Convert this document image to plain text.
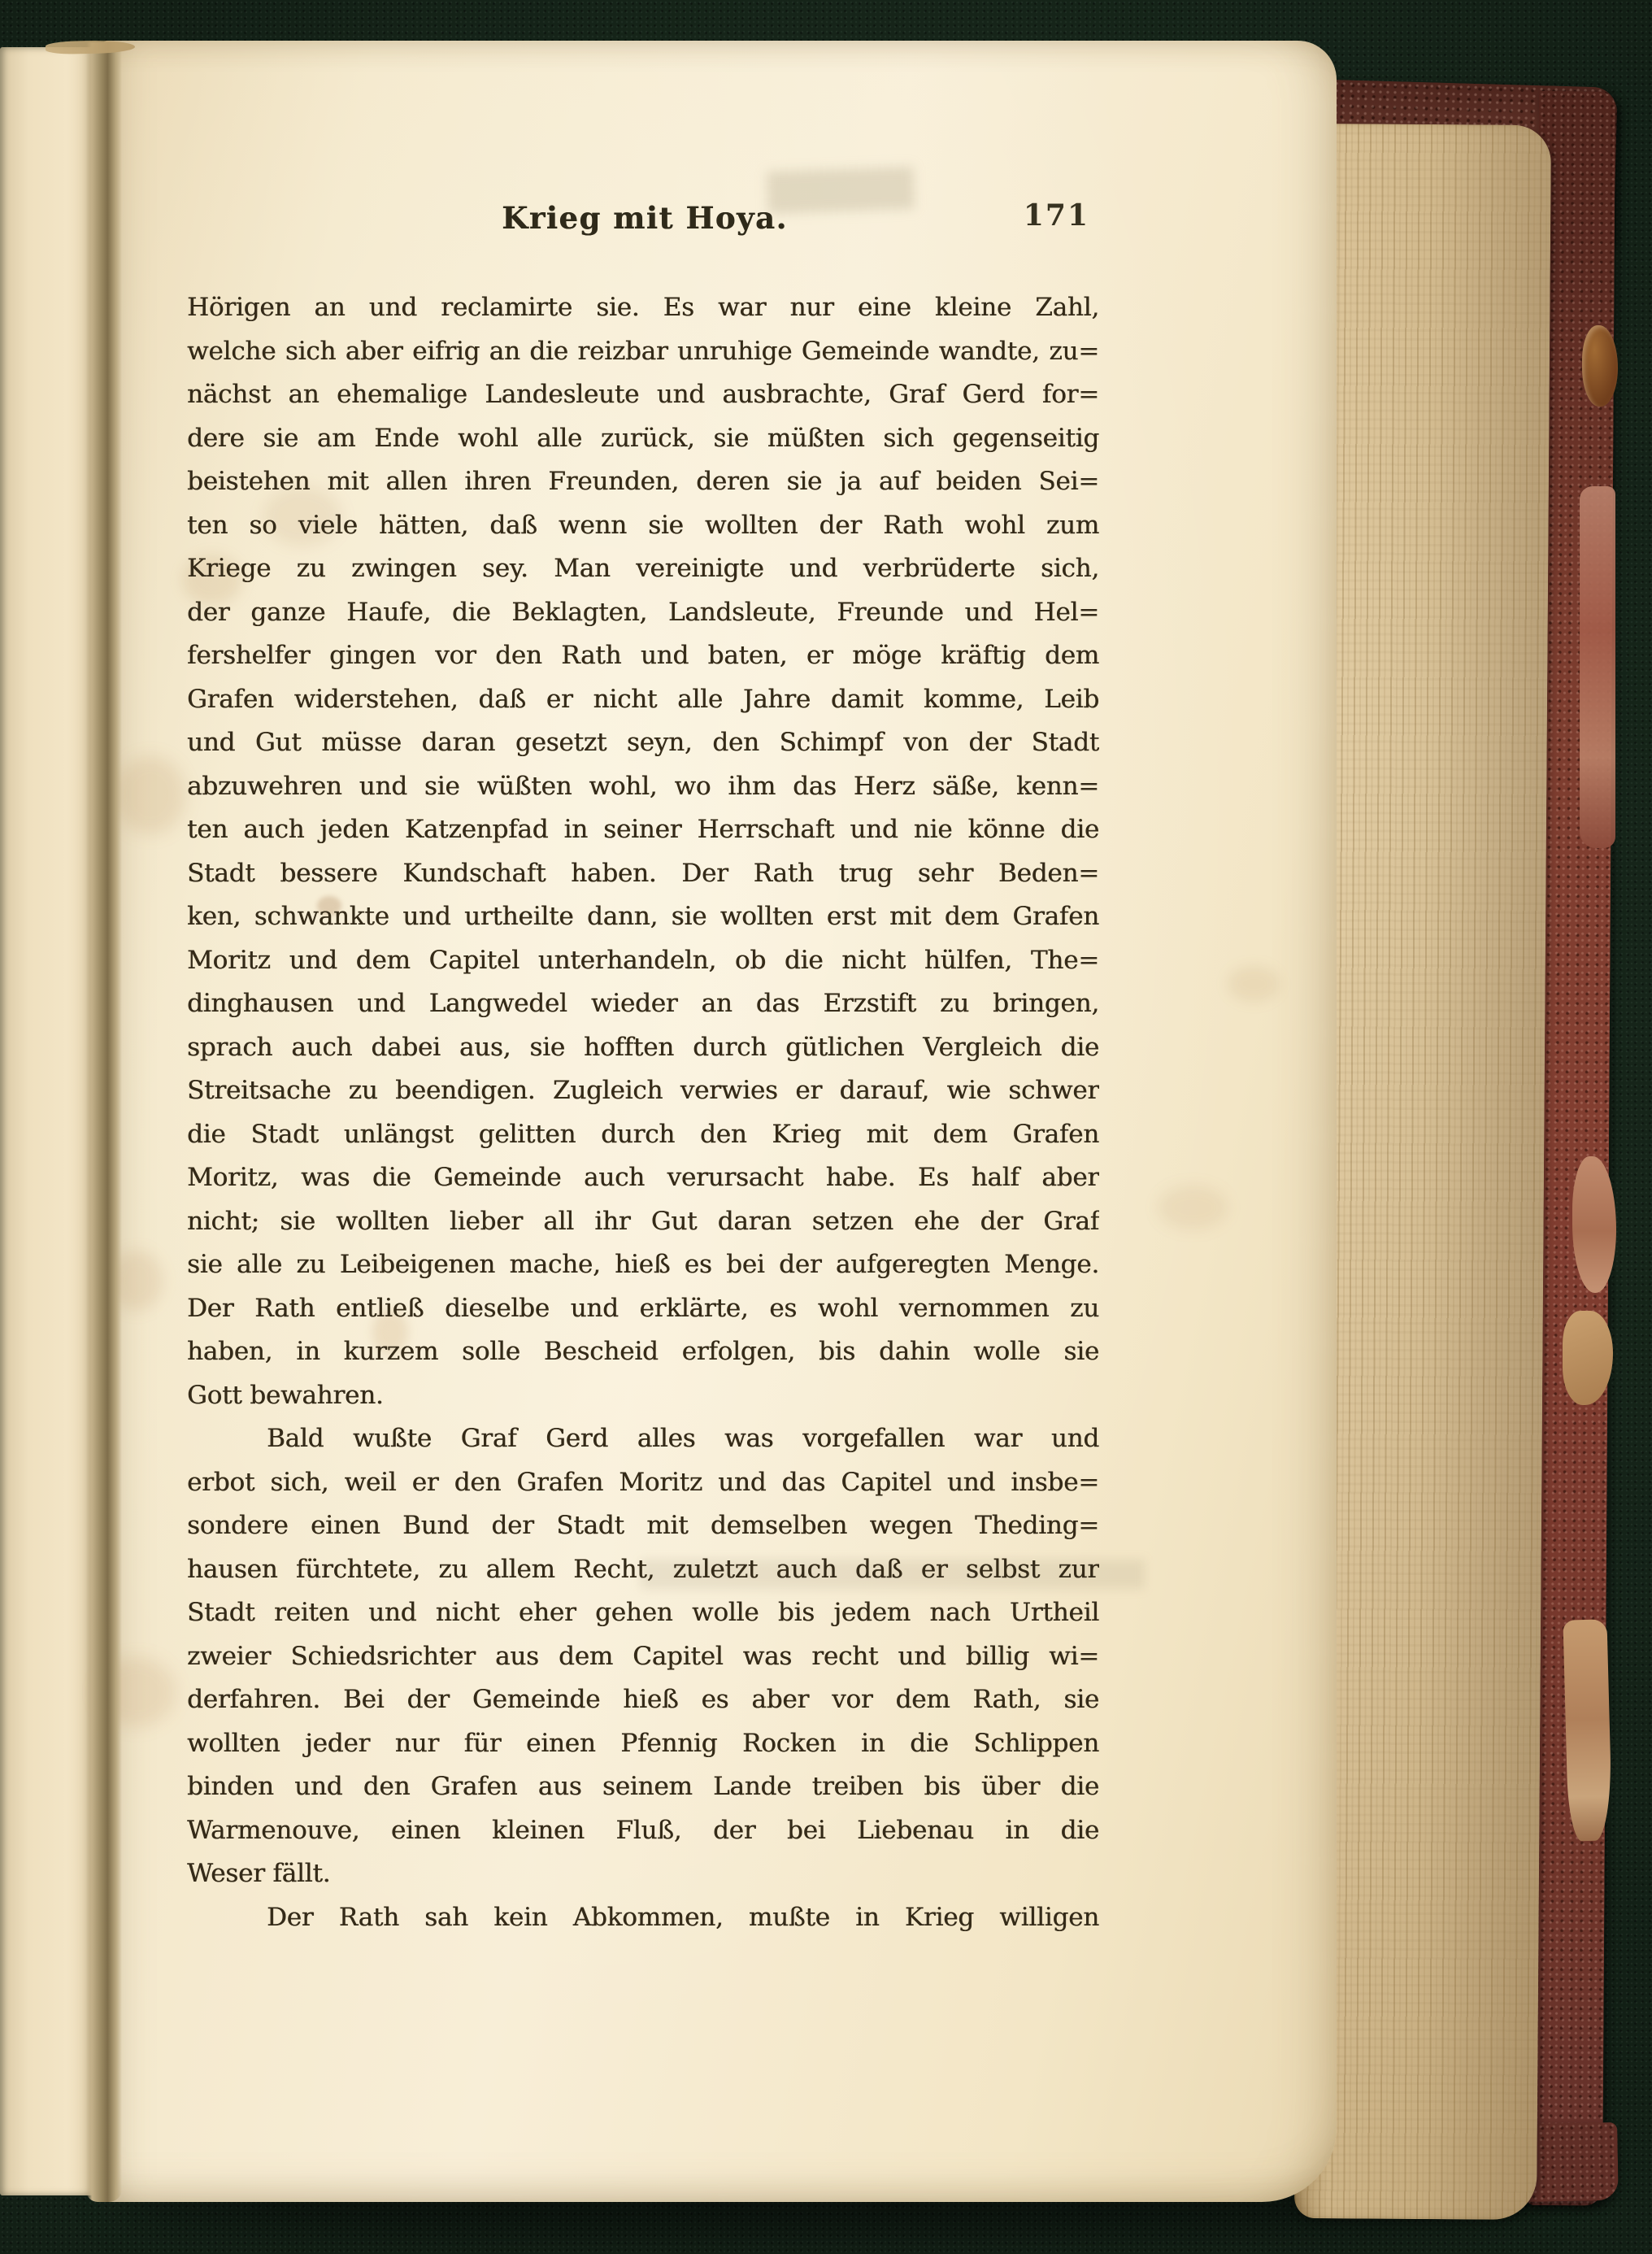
Krieg mit Hoya.	171
Hörigen an und reclamirte sie. Es war nur eine kleine Zahl,
welche sich aber eifrig an die reizbar unruhige Gemeinde wandte, zu=
nächst an ehemalige Landesleute und ausbrachte, Graf Gerd for=
dere sie am Ende wohl alle zurück, sie müßten sich gegenseitig
beistehen mit allen ihren Freunden, deren sie ja auf beiden Sei=
ten so viele hätten, daß wenn sie wollten der Rath wohl zum
Kriege zu zwingen sey. Man vereinigte und verbrüderte sich,
der ganze Haufe, die Beklagten, Landsleute, Freunde und Hel=
fershelfer gingen vor den Rath und baten, er möge kräftig dem
Grafen widerstehen, daß er nicht alle Jahre damit komme, Leib
und Gut müsse daran gesetzt seyn, den Schimpf von der Stadt
abzuwehren und sie wüßten wohl, wo ihm das Herz säße, kenn=
ten auch jeden Katzenpfad in seiner Herrschaft und nie könne die
Stadt bessere Kundschaft haben. Der Rath trug sehr Beden=
ken, schwankte und urtheilte dann, sie wollten erst mit dem Grafen
Moritz und dem Capitel unterhandeln, ob die nicht hülfen, The=
dinghausen und Langwedel wieder an das Erzstift zu bringen,
sprach auch dabei aus, sie hofften durch gütlichen Vergleich die
Streitsache zu beendigen. Zugleich verwies er darauf, wie schwer
die Stadt unlängst gelitten durch den Krieg mit dem Grafen
Moritz, was die Gemeinde auch verursacht habe. Es half aber
nicht; sie wollten lieber all ihr Gut daran setzen ehe der Graf
sie alle zu Leibeigenen mache, hieß es bei der aufgeregten Menge.
Der Rath entließ dieselbe und erklärte, es wohl vernommen zu
haben, in kurzem solle Bescheid erfolgen, bis dahin wolle sie
Gott bewahren.
Bald wußte Graf Gerd alles was vorgefallen war und
erbot sich, weil er den Grafen Moritz und das Capitel und insbe=
sondere einen Bund der Stadt mit demselben wegen Theding=
hausen fürchtete, zu allem Recht, zuletzt auch daß er selbst zur
Stadt reiten und nicht eher gehen wolle bis jedem nach Urtheil
zweier Schiedsrichter aus dem Capitel was recht und billig wi=
derfahren. Bei der Gemeinde hieß es aber vor dem Rath, sie
wollten jeder nur für einen Pfennig Rocken in die Schlippen
binden und den Grafen aus seinem Lande treiben bis über die
Warmenouve, einen kleinen Fluß, der bei Liebenau in die
Weser fällt.
Der Rath sah kein Abkommen, mußte in Krieg willigen
